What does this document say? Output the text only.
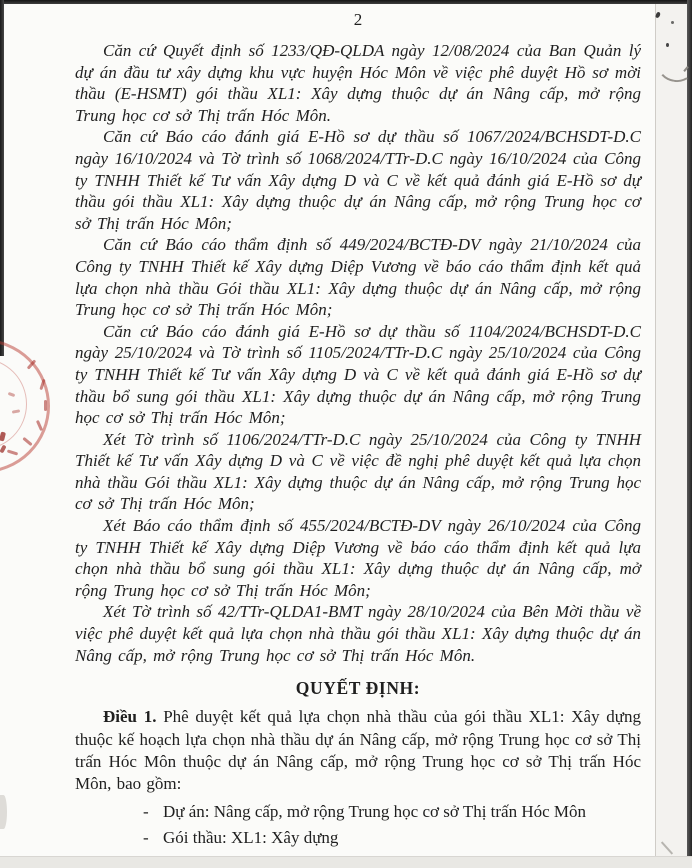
2

Căn cứ Quyết định số 1233/QĐ-QLDA ngày 12/08/2024 của Ban Quản lý dự án đầu tư xây dựng khu vực huyện Hóc Môn về việc phê duyệt Hồ sơ mời thầu (E-HSMT) gói thầu XL1: Xây dựng thuộc dự án Nâng cấp, mở rộng Trung học cơ sở Thị trấn Hóc Môn.

Căn cứ Báo cáo đánh giá E-Hồ sơ dự thầu số 1067/2024/BCHSDT-D.C ngày 16/10/2024 và Tờ trình số 1068/2024/TTr-D.C ngày 16/10/2024 của Công ty TNHH Thiết kế Tư vấn Xây dựng D và C về kết quả đánh giá E-Hồ sơ dự thầu gói thầu XL1: Xây dựng thuộc dự án Nâng cấp, mở rộng Trung học cơ sở Thị trấn Hóc Môn;

Căn cứ Báo cáo thẩm định số 449/2024/BCTĐ-DV ngày 21/10/2024 của Công ty TNHH Thiết kế Xây dựng Diệp Vương về báo cáo thẩm định kết quả lựa chọn nhà thầu Gói thầu XL1: Xây dựng thuộc dự án Nâng cấp, mở rộng Trung học cơ sở Thị trấn Hóc Môn;

Căn cứ Báo cáo đánh giá E-Hồ sơ dự thầu số 1104/2024/BCHSDT-D.C ngày 25/10/2024 và Tờ trình số 1105/2024/TTr-D.C ngày 25/10/2024 của Công ty TNHH Thiết kế Tư vấn Xây dựng D và C về kết quả đánh giá E-Hồ sơ dự thầu bổ sung gói thầu XL1: Xây dựng thuộc dự án Nâng cấp, mở rộng Trung học cơ sở Thị trấn Hóc Môn;

Xét Tờ trình số 1106/2024/TTr-D.C ngày 25/10/2024 của Công ty TNHH Thiết kế Tư vấn Xây dựng D và C về việc đề nghị phê duyệt kết quả lựa chọn nhà thầu Gói thầu XL1: Xây dựng thuộc dự án Nâng cấp, mở rộng Trung học cơ sở Thị trấn Hóc Môn;

Xét Báo cáo thẩm định số 455/2024/BCTĐ-DV ngày 26/10/2024 của Công ty TNHH Thiết kế Xây dựng Diệp Vương về báo cáo thẩm định kết quả lựa chọn nhà thầu bổ sung gói thầu XL1: Xây dựng thuộc dự án Nâng cấp, mở rộng Trung học cơ sở Thị trấn Hóc Môn;

Xét Tờ trình số 42/TTr-QLDA1-BMT ngày 28/10/2024 của Bên Mời thầu về việc phê duyệt kết quả lựa chọn nhà thầu gói thầu XL1: Xây dựng thuộc dự án Nâng cấp, mở rộng Trung học cơ sở Thị trấn Hóc Môn.

QUYẾT ĐỊNH:

Điều 1. Phê duyệt kết quả lựa chọn nhà thầu của gói thầu XL1: Xây dựng thuộc kế hoạch lựa chọn nhà thầu dự án Nâng cấp, mở rộng Trung học cơ sở Thị trấn Hóc Môn thuộc dự án Nâng cấp, mở rộng Trung học cơ sở Thị trấn Hóc Môn, bao gồm:

- Dự án: Nâng cấp, mở rộng Trung học cơ sở Thị trấn Hóc Môn
- Gói thầu: XL1: Xây dựng
